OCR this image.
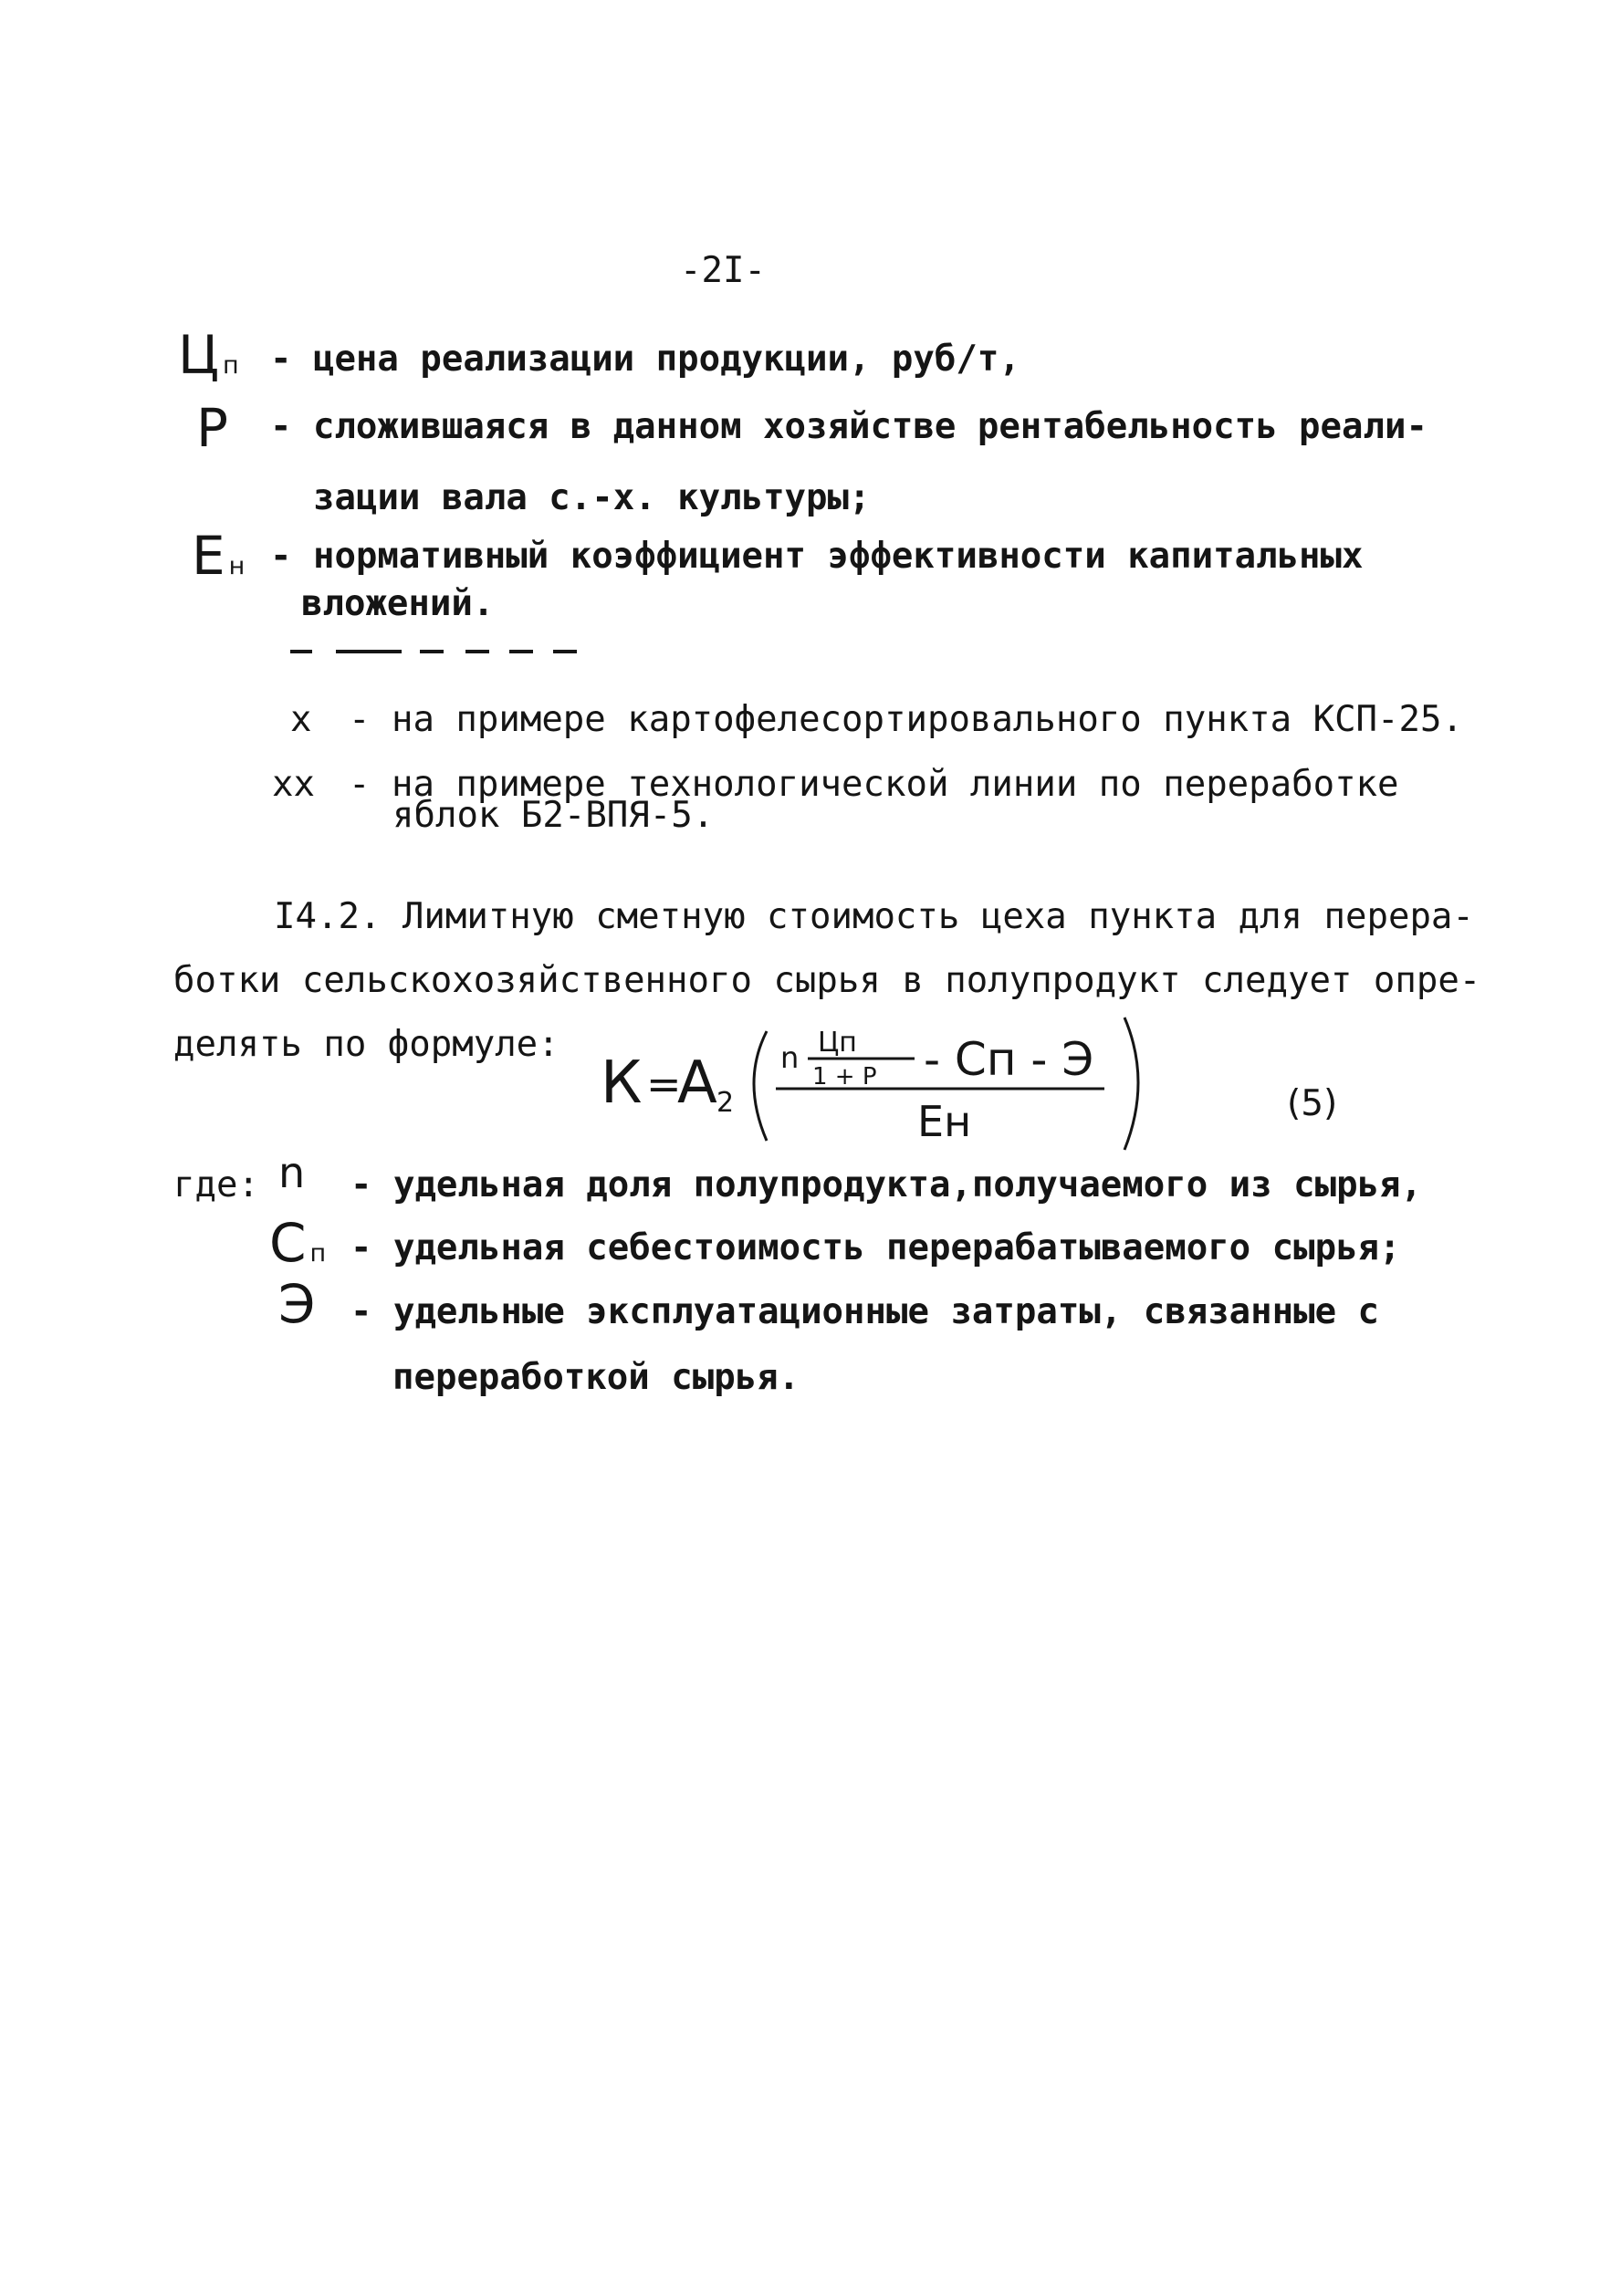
-2I-
Цп - цена реализации продукции, руб/т,
Р - сложившаяся в данном хозяйстве рентабельность реали-
зации вала с.-х. культуры;
Ен - нормативный коэффициент эффективности капитальных
вложений.
х - на примере картофелесортировального пункта КСП-25.
хх - на примере технологической линии по переработке
яблок Б2-ВПЯ-5.
I4.2. Лимитную сметную стоимость цеха пункта для перера-
ботки сельскохозяйственного сырья в полупродукт следует опре-
делять по формуле:
К =
А 2
n Цп
1 + Р - Сп - Э
Ен	(5)
где: n - удельная доля полупродукта,получаемого из сырья,
Сп - удельная себестоимость перерабатываемого сырья;
Э - удельные эксплуатационные затраты, связанные с
переработкой сырья.
